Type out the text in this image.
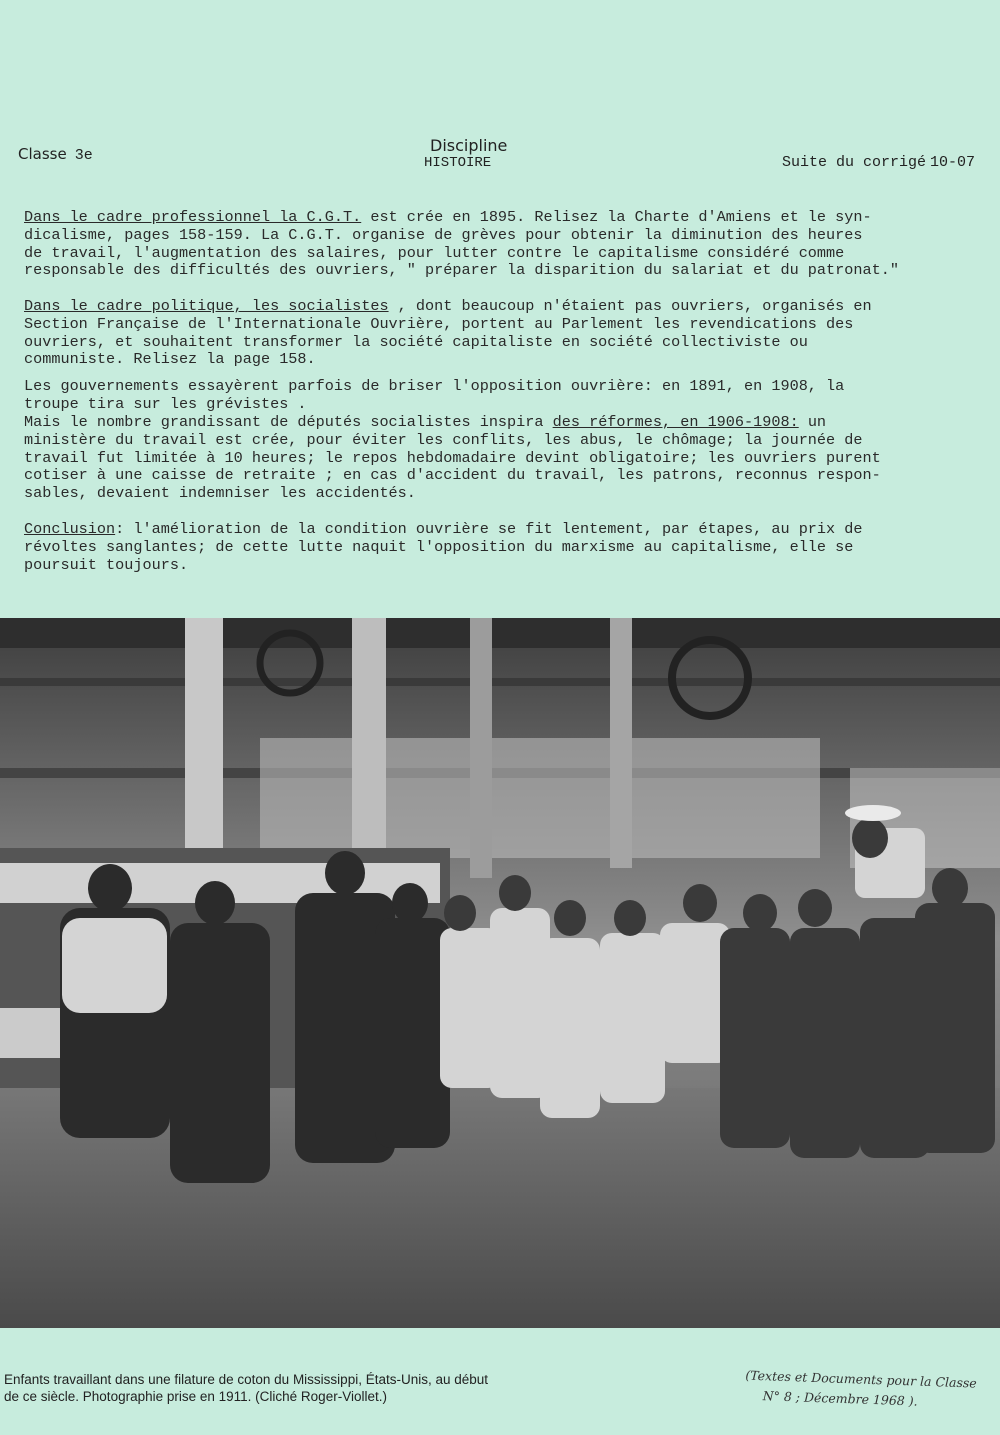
Classe 3e
Discipline
HISTOIRE	Suite du corrigé 10-07
Dans le cadre professionnel la C.G.T. est crée en 1895. Relisez la Charte d'Amiens et le syn-
dicalisme, pages 158-159. La C.G.T. organise de grèves pour obtenir la diminution des heures
de travail, l'augmentation des salaires, pour lutter contre le capitalisme considéré comme
responsable des difficultés des ouvriers, " préparer la disparition du salariat et du patronat."
Dans le cadre politique, les socialistes , dont beaucoup n'étaient pas ouvriers, organisés en
Section Française de l'Internationale Ouvrière, portent au Parlement les revendications des
ouvriers, et souhaitent transformer la société capitaliste en société collectiviste ou
communiste. Relisez la page 158.
Les gouvernements essayèrent parfois de briser l'opposition ouvrière: en 1891, en 1908, la
troupe tira sur les grévistes .
Mais le nombre grandissant de députés socialistes inspira des réformes, en 1906-1908: un
ministère du travail est crée, pour éviter les conflits, les abus, le chômage; la journée de
travail fut limitée à 10 heures; le repos hebdomadaire devint obligatoire; les ouvriers purent
cotiser à une caisse de retraite ; en cas d'accident du travail, les patrons, reconnus respon-
sables, devaient indemniser les accidentés.
Conclusion: l'amélioration de la condition ouvrière se fit lentement, par étapes, au prix de
révoltes sanglantes; de cette lutte naquit l'opposition du marxisme au capitalisme, elle se
poursuit toujours.
Enfants travaillant dans une filature de coton du Mississippi, États-Unis, au début
de ce siècle. Photographie prise en 1911. (Cliché Roger-Viollet.)
(Textes et Documents pour la Classe
N° 8 ; Décembre 1968 ).
